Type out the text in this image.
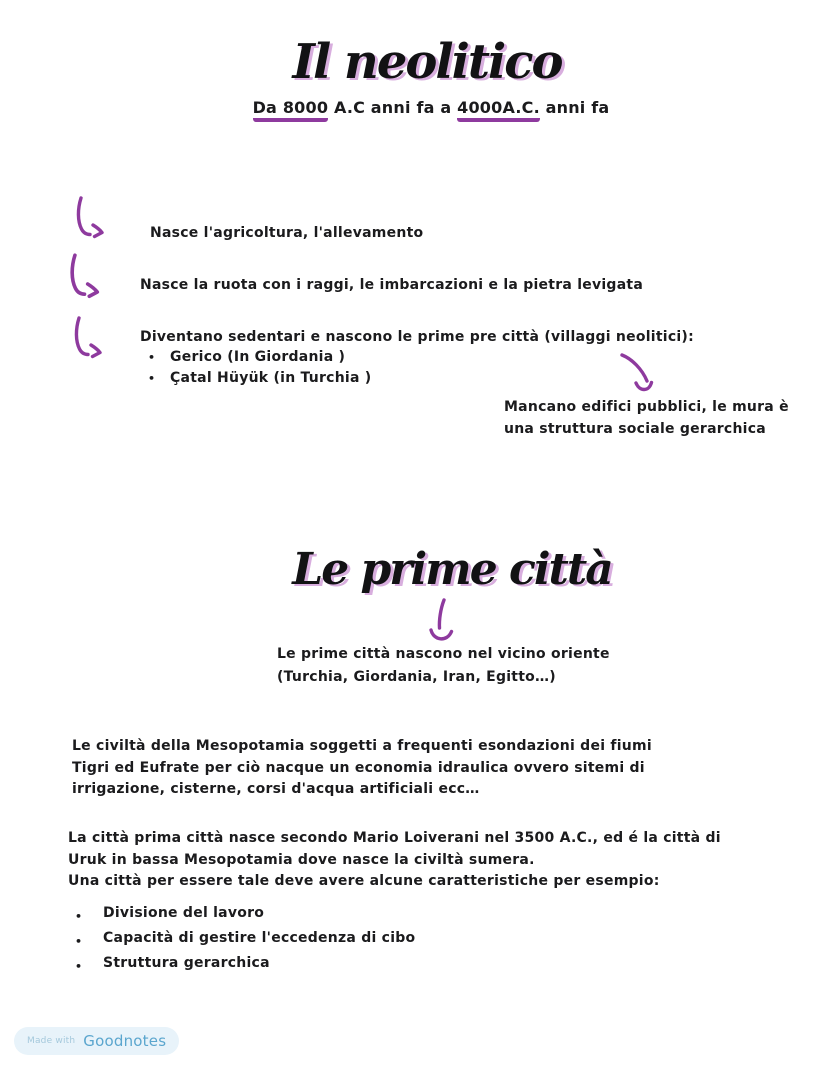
Il neolitico
Da 8000 A.C anni fa a 4000A.C. anni fa
Nasce l'agricoltura, l'allevamento
Nasce la ruota con i raggi, le imbarcazioni e la pietra levigata
Diventano sedentari e nascono le prime pre città (villaggi neolitici):
• Gerico (In Giordania )
• Çatal Hüyük (in Turchia )
Mancano edifici pubblici, le mura è
una struttura sociale gerarchica
Le prime città
Le prime città nascono nel vicino oriente
(Turchia, Giordania, Iran, Egitto…)
Le civiltà della Mesopotamia soggetti a frequenti esondazioni dei fiumi
Tigri ed Eufrate per ciò nacque un economia idraulica ovvero sitemi di
irrigazione, cisterne, corsi d'acqua artificiali ecc…
La città prima città nasce secondo Mario Loiverani nel 3500 A.C., ed é la città di
Uruk in bassa Mesopotamia dove nasce la civiltà sumera.
Una città per essere tale deve avere alcune caratteristiche per esempio:
• Divisione del lavoro
• Capacità di gestire l'eccedenza di cibo
• Struttura gerarchica
Made with Goodnotes
